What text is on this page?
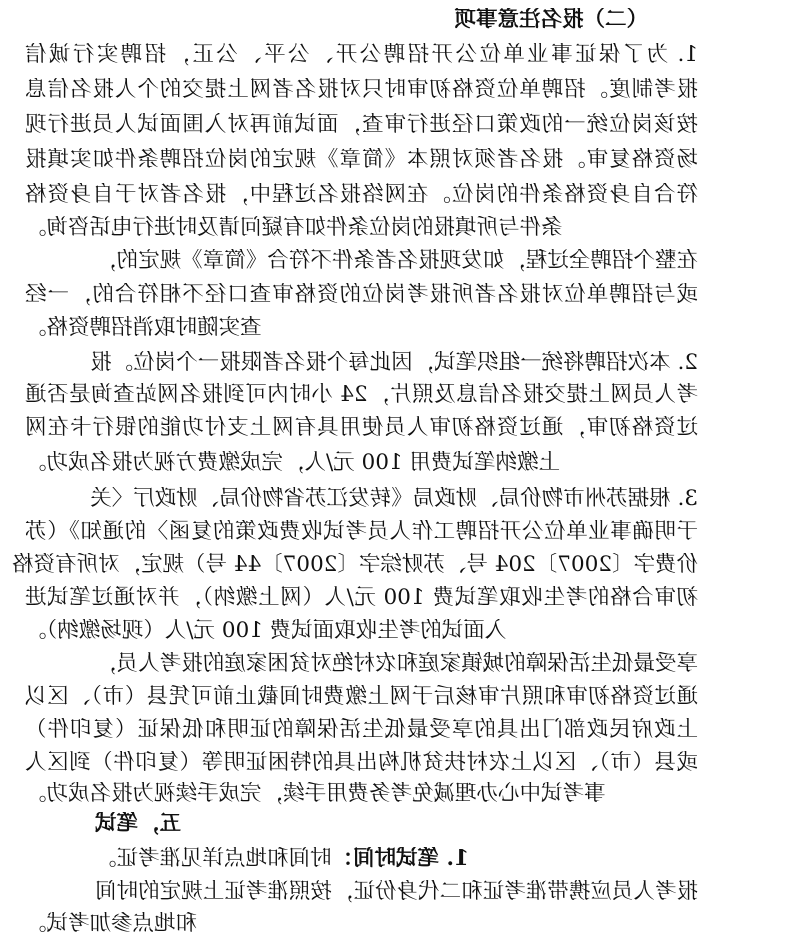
（二）报名注意事项
1. 为了保证事业单位公开招聘公开、公平、公正，招聘实行诚信
报考制度。招聘单位资格初审时只对报名者网上提交的个人报名信息
按该岗位统一的政策口径进行审查，面试前再对入围面试人员进行现
场资格复审。报名者须对照本《简章》规定的岗位招聘条件如实填报
符合自身资格条件的岗位。在网络报名过程中，报名者对于自身资格
条件与所填报的岗位条件如有疑问请及时进行电话咨询。
在整个招聘全过程，如发现报名者条件不符合《简章》规定的，
或与招聘单位对报名者所报考岗位的资格审查口径不相符合的，一经
查实随时取消招聘资格。
2. 本次招聘将统一组织笔试，因此每个报名者限报一个岗位。报
考人员网上提交报名信息及照片，24 小时内可到报名网站查询是否通
过资格初审，通过资格初审人员使用具有网上支付功能的银行卡在网
上缴纳笔试费用 100 元/人，完成缴费方视为报名成功。
3. 根据苏州市物价局、财政局《转发江苏省物价局、财政厅〈关
于明确事业单位公开招聘工作人员考试收费政策的复函〉的通知》（苏
价费字〔2007〕204 号、苏财综字〔2007〕44 号）规定，对所有资格
初审合格的考生收取笔试费 100 元/人（网上缴纳），并对通过笔试进
入面试的考生收取面试费 100 元/人（现场缴纳）。
享受最低生活保障的城镇家庭和农村绝对贫困家庭的报考人员，
通过资格初审和照片审核后于网上缴费时间截止前可凭县（市）、区以
上政府民政部门出具的享受最低生活保障的证明和低保证（复印件）
或县（市）、区以上农村扶贫机构出具的特困证明等（复印件）到区人
事考试中心办理减免考务费用手续，完成手续视为报名成功。
五，笔试
1. 笔试时间：时间和地点详见准考证。
报考人员应携带准考证和二代身份证，按照准考证上规定的时间
和地点参加考试。
